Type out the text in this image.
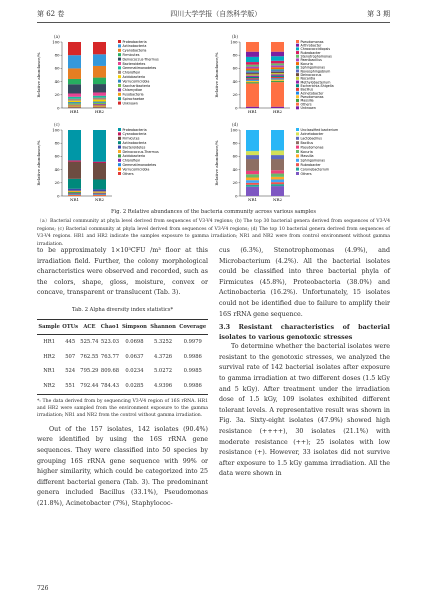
第 62 卷	四川大学学报（自然科学版）	第 3 期
(a)
Relative abundance/%
0
20
40
60
80
100
HR1	HR2
Proteobacteria
Actinobacteria
Cyanobacteria
Firmicutes
Deinococcus-Thermus
Bacteroidetes
Gemmatimonadetes
Chloroflexi
Acidobacteria
Verrucomicrobia
Saccharibacteria
Chlamydiae
Fusobacteria
Spirochaetae
Unknown
(b)
Relative abundance/%
0
20
40
60
80
100
HR1	HR2
Pseudomonas
Arthrobacter
Chroococcidiopsis
Rubrobacter
Stenotrophomonas
Paenibacillus
Kocuria
Sphingomonas
Novosphingobium
Deinococcus
Nocardia
Methylobacterium
Escherichia-Shigella
Bacillus
Acinetobacter
Pseudomonas
Massilia
Others
Unknown
(c)
Relative abundance/%
0
20
40
60
80
100
NR1	NR2
Proteobacteria
Cyanobacteria
Firmicutes
Actinobacteria
Bacteroidetes
Deinococcus-Thermus
Acidobacteria
Chloroflexi
Gemmatimonadetes
Verrucomicrobia
Others
(d)
Relative abundance/%
0
20
40
60
80
100
NR1	NR2
Unclassified bacterium
Acinetobacter
Lactobacillus
Bacillus
Pseudomonas
Kocuria
Massilia
Sphingomonas
Rubrobacter
Corynebacterium
Others
Fig. 2 Relative abundances of the bacteria community across various samples
（a）Bacterial community at phyla level derived from sequences of V3-V4 regions; (b) The top 30 bacterial genera derived from sequences of V3-V4 regions; (c) Bacterial community at phyla level derived from sequences of V3-V4 regions; (d) The top 10 bacterial genera derived from sequences of V3-V4 regions. HR1 and HR2 indicate the samples exposure to gamma irradiation; NR1 and NR2 were from control environment without gamma irradiation.

to be approximately 1×10³CFU /m³ floor at this irradiation field. Further, the colony morphological characteristics were observed and recorded, such as the colors, shape, gloss, moisture, convex or concave, transparent or translucent (Tab. 3).

Tab. 2 Alpha diversity index statistics*
Sample	OTUs	ACE	Chao1	Simpson	Shannon	Coverage
HR1	445	525.74	523.03	0.0698	5.3252	0.9979
HR2	507	762.55	763.77	0.0637	4.3726	0.9986
NR1	524	795.29	809.68	0.0234	5.0272	0.9985
NR2	551	792.44	784.43	0.0285	4.9396	0.9986
*: The data derived from by sequencing V3-V4 region of 16S rRNA. HR1 and HR2 were sampled from the environment exposure to the gamma irradiation; NR1 and NR2 from the control without gamma irradiation.

Out of the 157 isolates, 142 isolates (90.4%) were identified by using the 16S rRNA gene sequences. They were classified into 50 species by grouping 16S rRNA gene sequence with 99% or higher similarity, which could be categorized into 25 different bacterial genera (Tab. 3). The predominant genera included Bacillus (33.1%), Pseudomonas (21.8%), Acinetobacter (7%), Staphylococ-

cus (6.3%), Stenotrophomonas (4.9%), and Microbacterium (4.2%). All the bacterial isolates could be classified into three bacterial phyla of Firmicutes (45.8%), Proteobacteria (38.0%) and Actinobacteria (16.2%). Unfortunately, 15 isolates could not be identified due to failure to amplify their 16S rRNA gene sequence.

3.3 Resistant characteristics of bacterial isolates to various genotoxic stresses

To determine whether the bacterial isolates were resistant to the genotoxic stresses, we analyzed the survival rate of 142 bacterial isolates after exposure to gamma irradiation at two different doses (1.5 kGy and 5 kGy). After treatment under the irradiation dose of 1.5 kGy, 109 isolates exhibited different tolerant levels. A representative result was shown in Fig. 3a. Sixty-eight isolates (47.9%) showed high resistance (++++), 30 isolates (21.1%) with moderate resistance (++); 25 isolates with low resistance (+). However, 33 isolates did not survive after exposure to 1.5 kGy gamma irradiation. All the data were shown in

726
